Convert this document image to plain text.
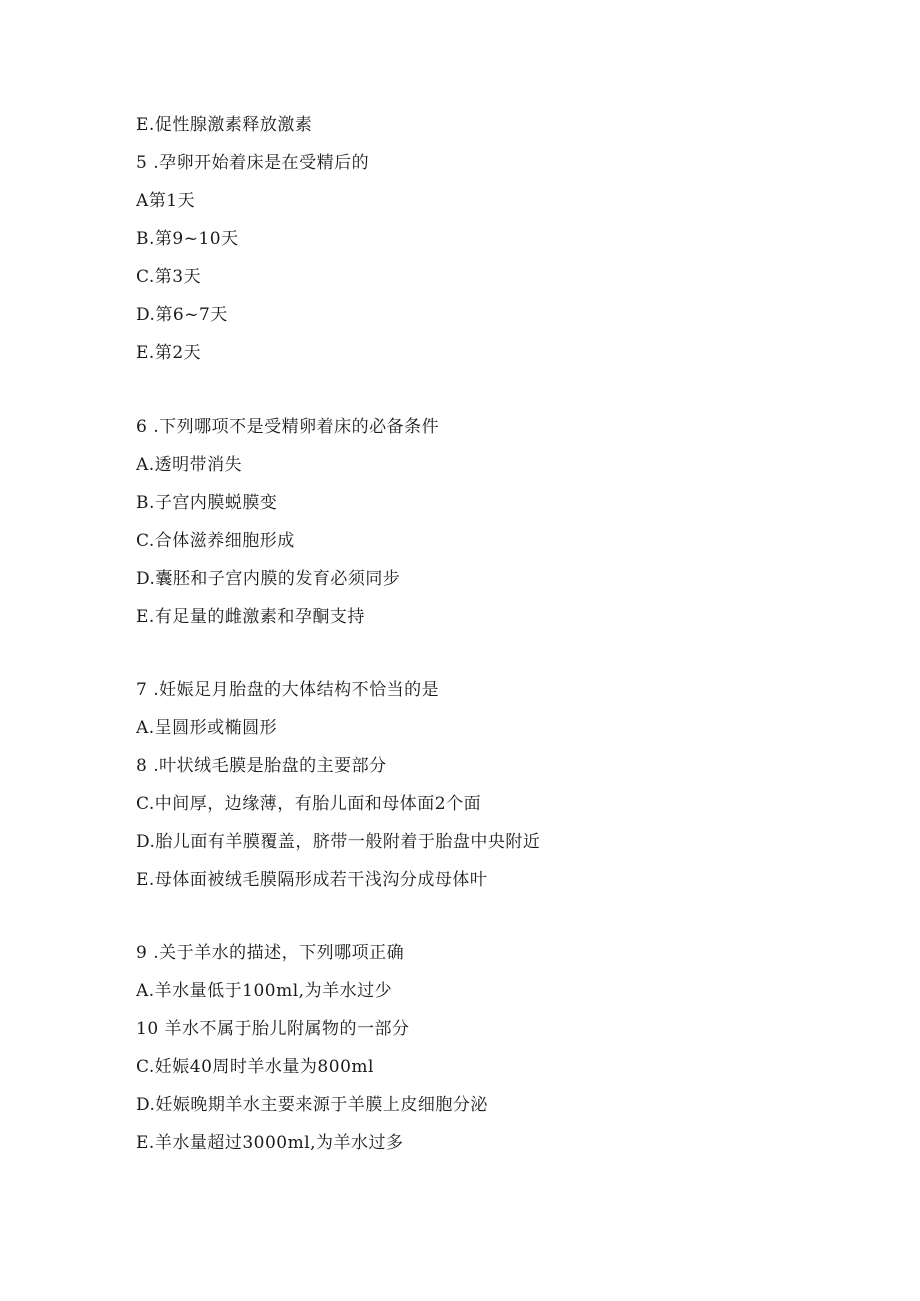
E.促性腺激素释放激素
5 .孕卵开始着床是在受精后的
A第1天
B.第9~10天
C.第3天
D.第6~7天
E.第2天
6 .下列哪项不是受精卵着床的必备条件
A.透明带消失
B.子宫内膜蜕膜变
C.合体滋养细胞形成
D.囊胚和子宫内膜的发育必须同步
E.有足量的雌激素和孕酮支持
7 .妊娠足月胎盘的大体结构不恰当的是
A.呈圆形或椭圆形
8 .叶状绒毛膜是胎盘的主要部分
C.中间厚，边缘薄，有胎儿面和母体面2个面
D.胎儿面有羊膜覆盖，脐带一般附着于胎盘中央附近
E.母体面被绒毛膜隔形成若干浅沟分成母体叶
9 .关于羊水的描述，下列哪项正确
A.羊水量低于100ml,为羊水过少
10 羊水不属于胎儿附属物的一部分
C.妊娠40周时羊水量为800ml
D.妊娠晚期羊水主要来源于羊膜上皮细胞分泌
E.羊水量超过3000ml,为羊水过多
